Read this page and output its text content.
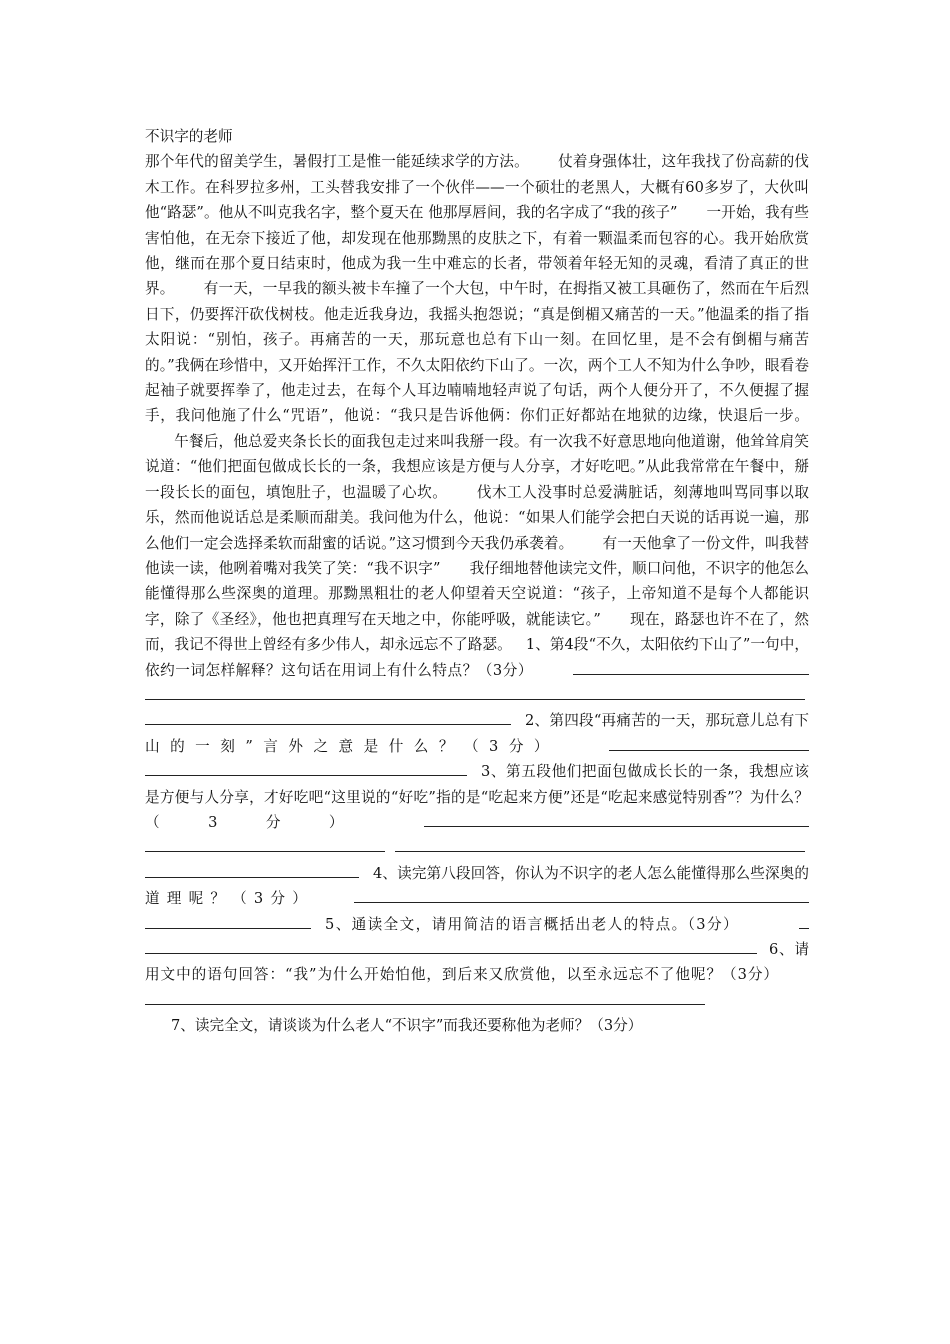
不识字的老师
那个年代的留美学生，暑假打工是惟一能延续求学的方法。 仗着身强体壮，这年我找了份高薪的伐木工作。在科罗拉多州，工头替我安排了一个伙伴——一个硕壮的老黑人，大概有60多岁了，大伙叫他“路瑟”。他从不叫克我名字，整个夏天在 他那厚唇间，我的名字成了“我的孩子” 一开始，我有些害怕他，在无奈下接近了他，却发现在他那黝黑的皮肤之下，有着一颗温柔而包容的心。我开始欣赏他，继而在那个夏日结束时，他成为我一生中难忘的长者，带领着年轻无知的灵魂，看清了真正的世界。 有一天，一早我的额头被卡车撞了一个大包，中午时，在拇指又被工具砸伤了，然而在午后烈日下，仍要挥汗砍伐树枝。他走近我身边，我摇头抱怨说；“真是倒楣又痛苦的一天。”他温柔的指了指太阳说：“别怕，孩子。再痛苦的一天，那玩意也总有下山一刻。在回忆里，是不会有倒楣与痛苦的。”我俩在珍惜中，又开始挥汗工作，不久太阳依约下山了。一次，两个工人不知为什么争吵，眼看卷起袖子就要挥拳了，他走过去，在每个人耳边喃喃地轻声说了句话，两个人便分开了，不久便握了握手，我问他施了什么“咒语”，他说：“我只是告诉他俩：你们正好都站在地狱的边缘，快退后一步。午餐后，他总爱夹条长长的面我包走过来叫我掰一段。有一次我不好意思地向他道谢，他耸耸肩笑说道：“他们把面包做成长长的一条，我想应该是方便与人分享，才好吃吧。”从此我常常在午餐中，掰一段长长的面包，填饱肚子，也温暖了心坎。 伐木工人没事时总爱满脏话，刻薄地叫骂同事以取乐，然而他说话总是柔顺而甜美。我问他为什么，他说：“如果人们能学会把白天说的话再说一遍，那么他们一定会选择柔软而甜蜜的话说。”这习惯到今天我仍承袭着。 有一天他拿了一份文件，叫我替他读一读，他咧着嘴对我笑了笑：“我不识字” 我仔细地替他读完文件，顺口问他，不识字的他怎么能懂得那么些深奥的道理。那黝黑粗壮的老人仰望着天空说道：“孩子，上帝知道不是每个人都能识字，除了《圣经》，他也把真理写在天地之中，你能呼吸，就能读它。” 现在，路瑟也许不在了，然而，我记不得世上曾经有多少伟人，却永远忘不了路瑟。 1、第4段“不久，太阳依约下山了”一句中，依约一词怎样解释？这句话在用词上有什么特点？（3分）2、第四段“再痛苦的一天，那玩意儿总有下山的一刻”言外之意是什么？（3分）3、第五段他们把面包做成长长的一条，我想应该是方便与人分享，才好吃吧“这里说的“好吃”指的是“吃起来方便”还是“吃起来感觉特别香”？为什么？（3分）4、读完第八段回答，你认为不识字的老人怎么能懂得那么些深奥的道理呢？（3分）5、通读全文，请用简洁的语言概括出老人的特点。（3分）6、请用文中的语句回答：“我”为什么开始怕他，到后来又欣赏他，以至永远忘不了他呢？（3分）
7、读完全文，请谈谈为什么老人“不识字”而我还要称他为老师？（3分）
